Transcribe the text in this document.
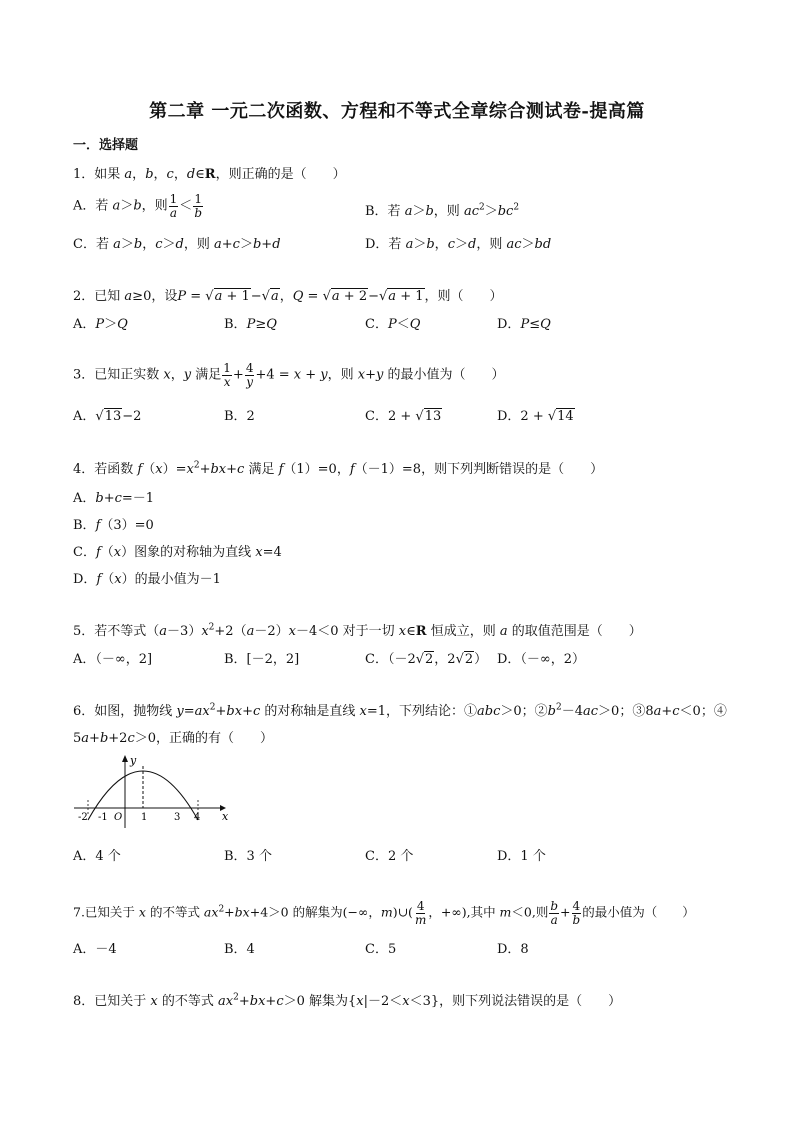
第二章 一元二次函数、方程和不等式全章综合测试卷-提高篇
一．选择题
1．如果 a，b，c，d∈R，则正确的是（　　）
A．若 a＞b，则 $\frac{1}{a} < \frac{1}{b}$	B．若 a＞b，则 $ac^2>bc^2$
C．若 a＞b，c＞d，则 a+c＞b+d	D．若 a＞b，c＞d，则 ac＞bd
2．已知 a≥0，设P = √a + 1−√a，Q = √a + 2−√a + 1，则（　　）
A．P＞Q	B．P≥Q	C．P＜Q	D．P≤Q
3．已知正实数 x，y 满足 $\frac{1}{x} + \frac{4}{y} +4 = x + y$，则 x+y 的最小值为（　　）
A．√13−2	B．2	C．2 + √13	D．2 + √14
4．若函数 $f(x)=x^2+bx+c$ 满足 f（1）=0，f（－1）=8，则下列判断错误的是（　　）
A．b+c=－1
B．f（3）=0
C．f（x）图象的对称轴为直线 x=4
D．f（x）的最小值为－1
5．若不等式$(a-3)x^2+2(a-2)x-4<0$ 对于一切 x∈R 恒成立，则 a 的取值范围是（　　）
A．（－∞，2]	B．[－2，2]	C．（－2√2，2√2） D．（－∞，2）
6．如图，抛物线 $y=ax^2+bx+c$ 的对称轴是直线 x=1，下列结论：①abc＞0；$②b^2-4ac>0$；③8a+c＜0；④
5a+b+2c＞0，正确的有（　　）
y
x
-2 -1 O 1	3 4
A．4 个	B．3 个	C．2 个	D．1 个
7.已知关于 x 的不等式 $ax^2+bx+4>0$ 的解集为(−∞，m)∪( $\frac{4}{m}$ ，+∞),其中 m＜0,则 $\frac{b}{a} + \frac{4}{b}$ 的最小值为（　　）
A．－4	B．4	C．5	D．8
8．已知关于 x 的不等式 $ax^2+bx+c>0$ 解集为{x|－2＜x＜3}，则下列说法错误的是（　　）
